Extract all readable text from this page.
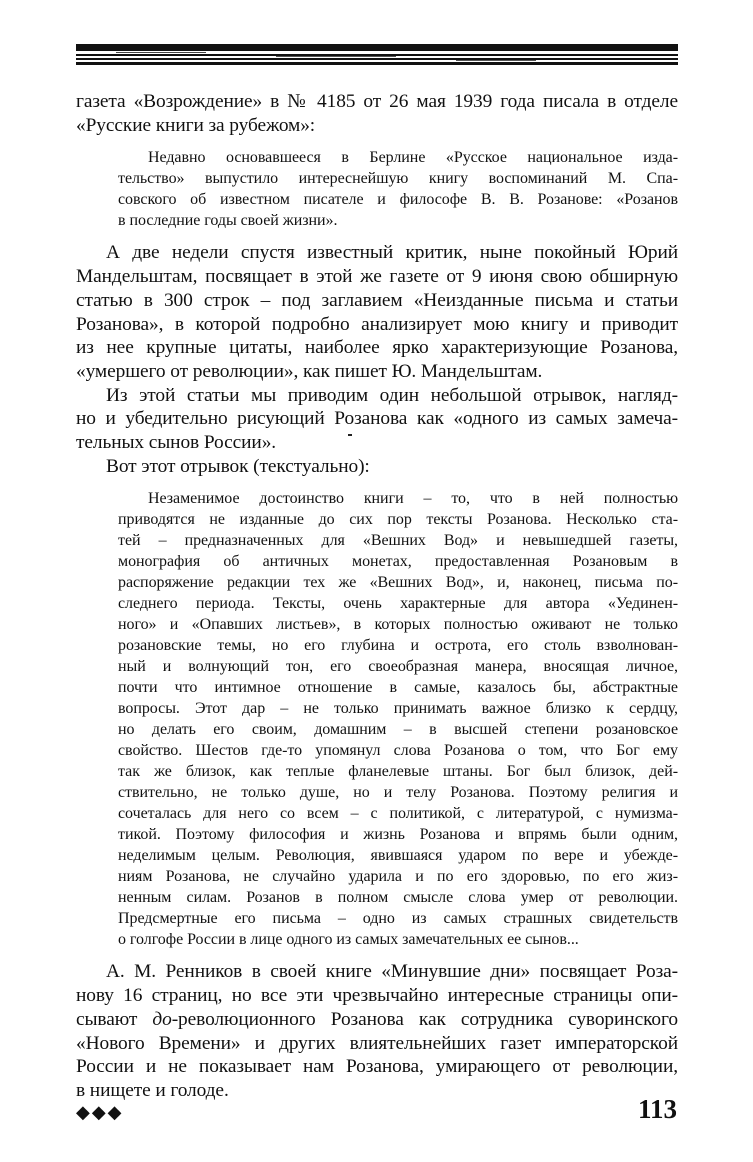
газета «Возрождение» в № 4185 от 26 мая 1939 года писала в отделе
«Русские книги за рубежом»:
Недавно основавшееся в Берлине «Русское национальное изда-
тельство» выпустило интереснейшую книгу воспоминаний М. Спа-
совского об известном писателе и философе В. В. Розанове: «Розанов
в последние годы своей жизни».
А две недели спустя известный критик, ныне покойный Юрий
Мандельштам, посвящает в этой же газете от 9 июня свою обширную
статью в 300 строк – под заглавием «Неизданные письма и статьи
Розанова», в которой подробно анализирует мою книгу и приводит
из нее крупные цитаты, наиболее ярко характеризующие Розанова,
«умершего от революции», как пишет Ю. Мандельштам.
Из этой статьи мы приводим один небольшой отрывок, нагляд-
но и убедительно рисующий Розанова как «одного из самых замеча-
тельных сынов России».
Вот этот отрывок (текстуально):
Незаменимое достоинство книги – то, что в ней полностью
приводятся не изданные до сих пор тексты Розанова. Несколько ста-
тей – предназначенных для «Вешних Вод» и невышедшей газеты,
монография об античных монетах, предоставленная Розановым в
распоряжение редакции тех же «Вешних Вод», и, наконец, письма по-
следнего периода. Тексты, очень характерные для автора «Уединен-
ного» и «Опавших листьев», в которых полностью оживают не только
розановские темы, но его глубина и острота, его столь взволнован-
ный и волнующий тон, его своеобразная манера, вносящая личное,
почти что интимное отношение в самые, казалось бы, абстрактные
вопросы. Этот дар – не только принимать важное близко к сердцу,
но делать его своим, домашним – в высшей степени розановское
свойство. Шестов где-то упомянул слова Розанова о том, что Бог ему
так же близок, как теплые фланелевые штаны. Бог был близок, дей-
ствительно, не только душе, но и телу Розанова. Поэтому религия и
сочеталась для него со всем – с политикой, с литературой, с нумизма-
тикой. Поэтому философия и жизнь Розанова и впрямь были одним,
неделимым целым. Революция, явившаяся ударом по вере и убежде-
ниям Розанова, не случайно ударила и по его здоровью, по его жиз-
ненным силам. Розанов в полном смысле слова умер от революции.
Предсмертные его письма – одно из самых страшных свидетельств
о голгофе России в лице одного из самых замечательных ее сынов...
А. М. Ренников в своей книге «Минувшие дни» посвящает Роза-
нову 16 страниц, но все эти чрезвычайно интересные страницы опи-
сывают до-революционного Розанова как сотрудника суворинского
«Нового Времени» и других влиятельнейших газет императорской
России и не показывает нам Розанова, умирающего от революции,
в нищете и голоде.
◆◆◆	113
